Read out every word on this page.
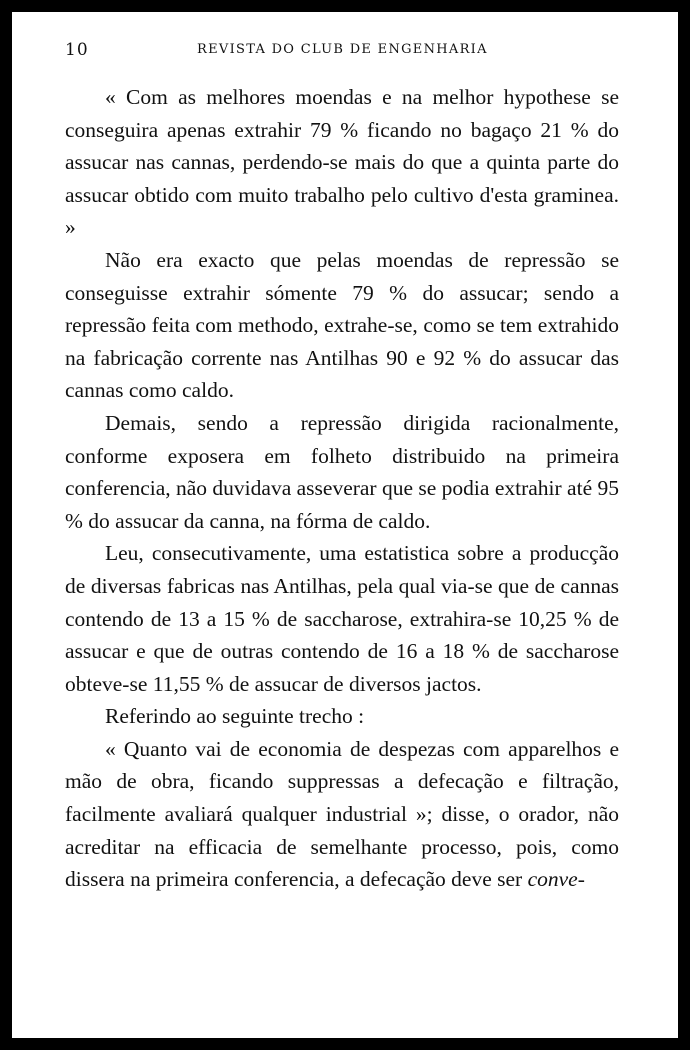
10	REVISTA DO CLUB DE ENGENHARIA

« Com as melhores moendas e na melhor hypothese se conseguira apenas extrahir 79 % ficando no bagaço 21 % do assucar nas cannas, perdendo-se mais do que a quinta parte do assucar obtido com muito trabalho pelo cultivo d'esta graminea. »

Não era exacto que pelas moendas de repressão se conseguisse extrahir sómente 79 % do assucar; sendo a repressão feita com methodo, extrahe-se, como se tem extrahido na fabricação corrente nas Antilhas 90 e 92 % do assucar das cannas como caldo.

Demais, sendo a repressão dirigida racionalmente, conforme exposera em folheto distribuido na primeira conferencia, não duvidava asseverar que se podia extrahir até 95 % do assucar da canna, na fórma de caldo.

Leu, consecutivamente, uma estatistica sobre a producção de diversas fabricas nas Antilhas, pela qual via-se que de cannas contendo de 13 a 15 % de saccharose, extrahira-se 10,25 % de assucar e que de outras contendo de 16 a 18 % de saccharose obteve-se 11,55 % de assucar de diversos jactos.

Referindo ao seguinte trecho :

« Quanto vai de economia de despezas com apparelhos e mão de obra, ficando suppressas a defecação e filtração, facilmente avaliará qualquer industrial »; disse, o orador, não acreditar na efficacia de semelhante processo, pois, como dissera na primeira conferencia, a defecação deve ser conve-
